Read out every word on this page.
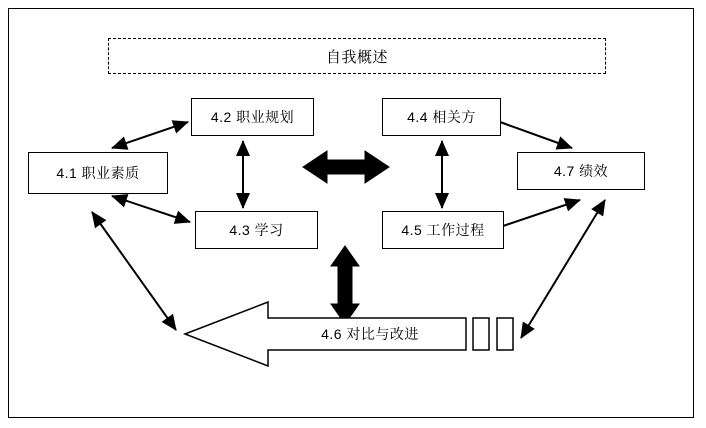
自我概述
4.1 职业素质
4.2 职业规划
4.3 学习
4.4 相关方
4.5 工作过程
4.7 绩效
4.6 对比与改进
